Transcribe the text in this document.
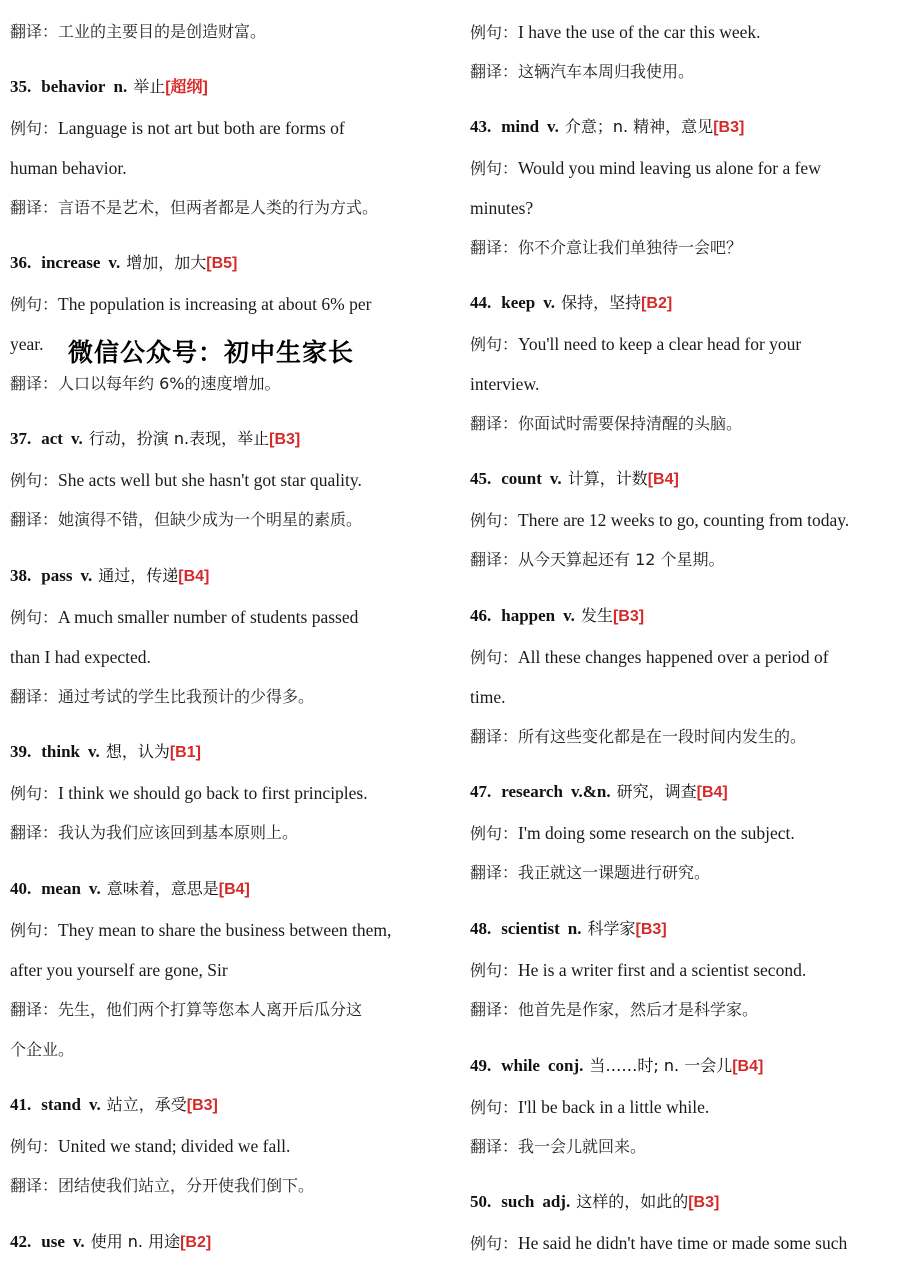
翻译：工业的主要目的是创造财富。
35. behavior n. 举止[超纲]
例句：Language is not art but both are forms of
human behavior.
翻译：言语不是艺术，但两者都是人类的行为方式。
36. increase v. 增加，加大[B5]
例句：The population is increasing at about 6% per
year.
翻译：人口以每年约 6%的速度增加。
37. act v. 行动，扮演 n.表现，举止[B3]
例句：She acts well but she hasn't got star quality.
翻译：她演得不错，但缺少成为一个明星的素质。
38. pass v. 通过，传递[B4]
例句：A much smaller number of students passed
than I had expected.
翻译：通过考试的学生比我预计的少得多。
39. think v. 想，认为[B1]
例句：I think we should go back to first principles.
翻译：我认为我们应该回到基本原则上。
40. mean v. 意味着，意思是[B4]
例句：They mean to share the business between them,
after you yourself are gone, Sir
翻译：先生，他们两个打算等您本人离开后瓜分这
个企业。
41. stand v. 站立，承受[B3]
例句：United we stand; divided we fall.
翻译：团结使我们站立，分开使我们倒下。
42. use v. 使用 n. 用途[B2]
例句：I have the use of the car this week.
翻译：这辆汽车本周归我使用。
43. mind v. 介意；n. 精神，意见[B3]
例句：Would you mind leaving us alone for a few
minutes?
翻译：你不介意让我们单独待一会吧？
44. keep v. 保持，坚持[B2]
例句：You'll need to keep a clear head for your
interview.
翻译：你面试时需要保持清醒的头脑。
45. count v. 计算，计数[B4]
例句：There are 12 weeks to go, counting from today.
翻译：从今天算起还有 12 个星期。
46. happen v. 发生[B3]
例句：All these changes happened over a period of
time.
翻译：所有这些变化都是在一段时间内发生的。
47. research v.&n. 研究，调查[B4]
例句：I'm doing some research on the subject.
翻译：我正就这一课题进行研究。
48. scientist n. 科学家[B3]
例句：He is a writer first and a scientist second.
翻译：他首先是作家，然后才是科学家。
49. while conj. 当……时; n. 一会儿[B4]
例句：I'll be back in a little while.
翻译：我一会儿就回来。
50. such adj. 这样的，如此的[B3]
例句：He said he didn't have time or made some such
微信公众号：初中生家长
